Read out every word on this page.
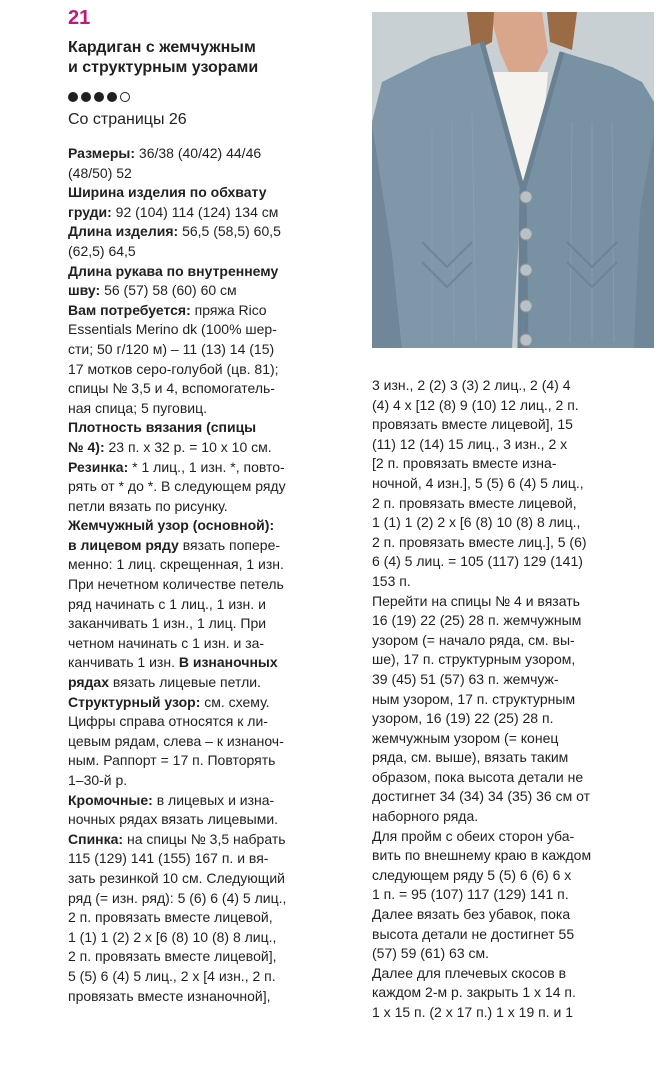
21
Кардиган с жемчужным
и структурным узорами
Со страницы 26
Размеры: 36/38 (40/42) 44/46
(48/50) 52
Ширина изделия по обхвату
груди: 92 (104) 114 (124) 134 см
Длина изделия: 56,5 (58,5) 60,5
(62,5) 64,5
Длина рукава по внутреннему
шву: 56 (57) 58 (60) 60 см
Вам потребуется: пряжа Rico
Essentials Merino dk (100% шер-
сти; 50 г/120 м) – 11 (13) 14 (15)
17 мотков серо-голубой (цв. 81);
спицы № 3,5 и 4, вспомогатель-
ная спица; 5 пуговиц.
Плотность вязания (спицы
№ 4): 23 п. х 32 р. = 10 х 10 см.
Резинка: * 1 лиц., 1 изн. *, повто-
рять от * до *. В следующем ряду
петли вязать по рисунку.
Жемчужный узор (основной):
в лицевом ряду вязать попере-
менно: 1 лиц. скрещенная, 1 изн.
При нечетном количестве петель
ряд начинать с 1 лиц., 1 изн. и
заканчивать 1 изн., 1 лиц. При
четном начинать с 1 изн. и за-
канчивать 1 изн. В изнаночных
рядах вязать лицевые петли.
Структурный узор: см. схему.
Цифры справа относятся к ли-
цевым рядам, слева – к изнаноч-
ным. Раппорт = 17 п. Повторять
1–30-й р.
Кромочные: в лицевых и изна-
ночных рядах вязать лицевыми.
Спинка: на спицы № 3,5 набрать
115 (129) 141 (155) 167 п. и вя-
зать резинкой 10 см. Следующий
ряд (= изн. ряд): 5 (6) 6 (4) 5 лиц.,
2 п. провязать вместе лицевой,
1 (1) 1 (2) 2 х [6 (8) 10 (8) 8 лиц.,
2 п. провязать вместе лицевой],
5 (5) 6 (4) 5 лиц., 2 х [4 изн., 2 п.
провязать вместе изнаночной],
3 изн., 2 (2) 3 (3) 2 лиц., 2 (4) 4
(4) 4 х [12 (8) 9 (10) 12 лиц., 2 п.
провязать вместе лицевой], 15
(11) 12 (14) 15 лиц., 3 изн., 2 х
[2 п. провязать вместе изна-
ночной, 4 изн.], 5 (5) 6 (4) 5 лиц.,
2 п. провязать вместе лицевой,
1 (1) 1 (2) 2 х [6 (8) 10 (8) 8 лиц.,
2 п. провязать вместе лиц.], 5 (6)
6 (4) 5 лиц. = 105 (117) 129 (141)
153 п.
Перейти на спицы № 4 и вязать
16 (19) 22 (25) 28 п. жемчужным
узором (= начало ряда, см. вы-
ше), 17 п. структурным узором,
39 (45) 51 (57) 63 п. жемчуж-
ным узором, 17 п. структурным
узором, 16 (19) 22 (25) 28 п.
жемчужным узором (= конец
ряда, см. выше), вязать таким
образом, пока высота детали не
достигнет 34 (34) 34 (35) 36 см от
наборного ряда.
Для пройм с обеих сторон уба-
вить по внешнему краю в каждом
следующем ряду 5 (5) 6 (6) 6 х
1 п. = 95 (107) 117 (129) 141 п.
Далее вязать без убавок, пока
высота детали не достигнет 55
(57) 59 (61) 63 см.
Далее для плечевых скосов в
каждом 2-м р. закрыть 1 х 14 п.
1 х 15 п. (2 х 17 п.) 1 х 19 п. и 1
